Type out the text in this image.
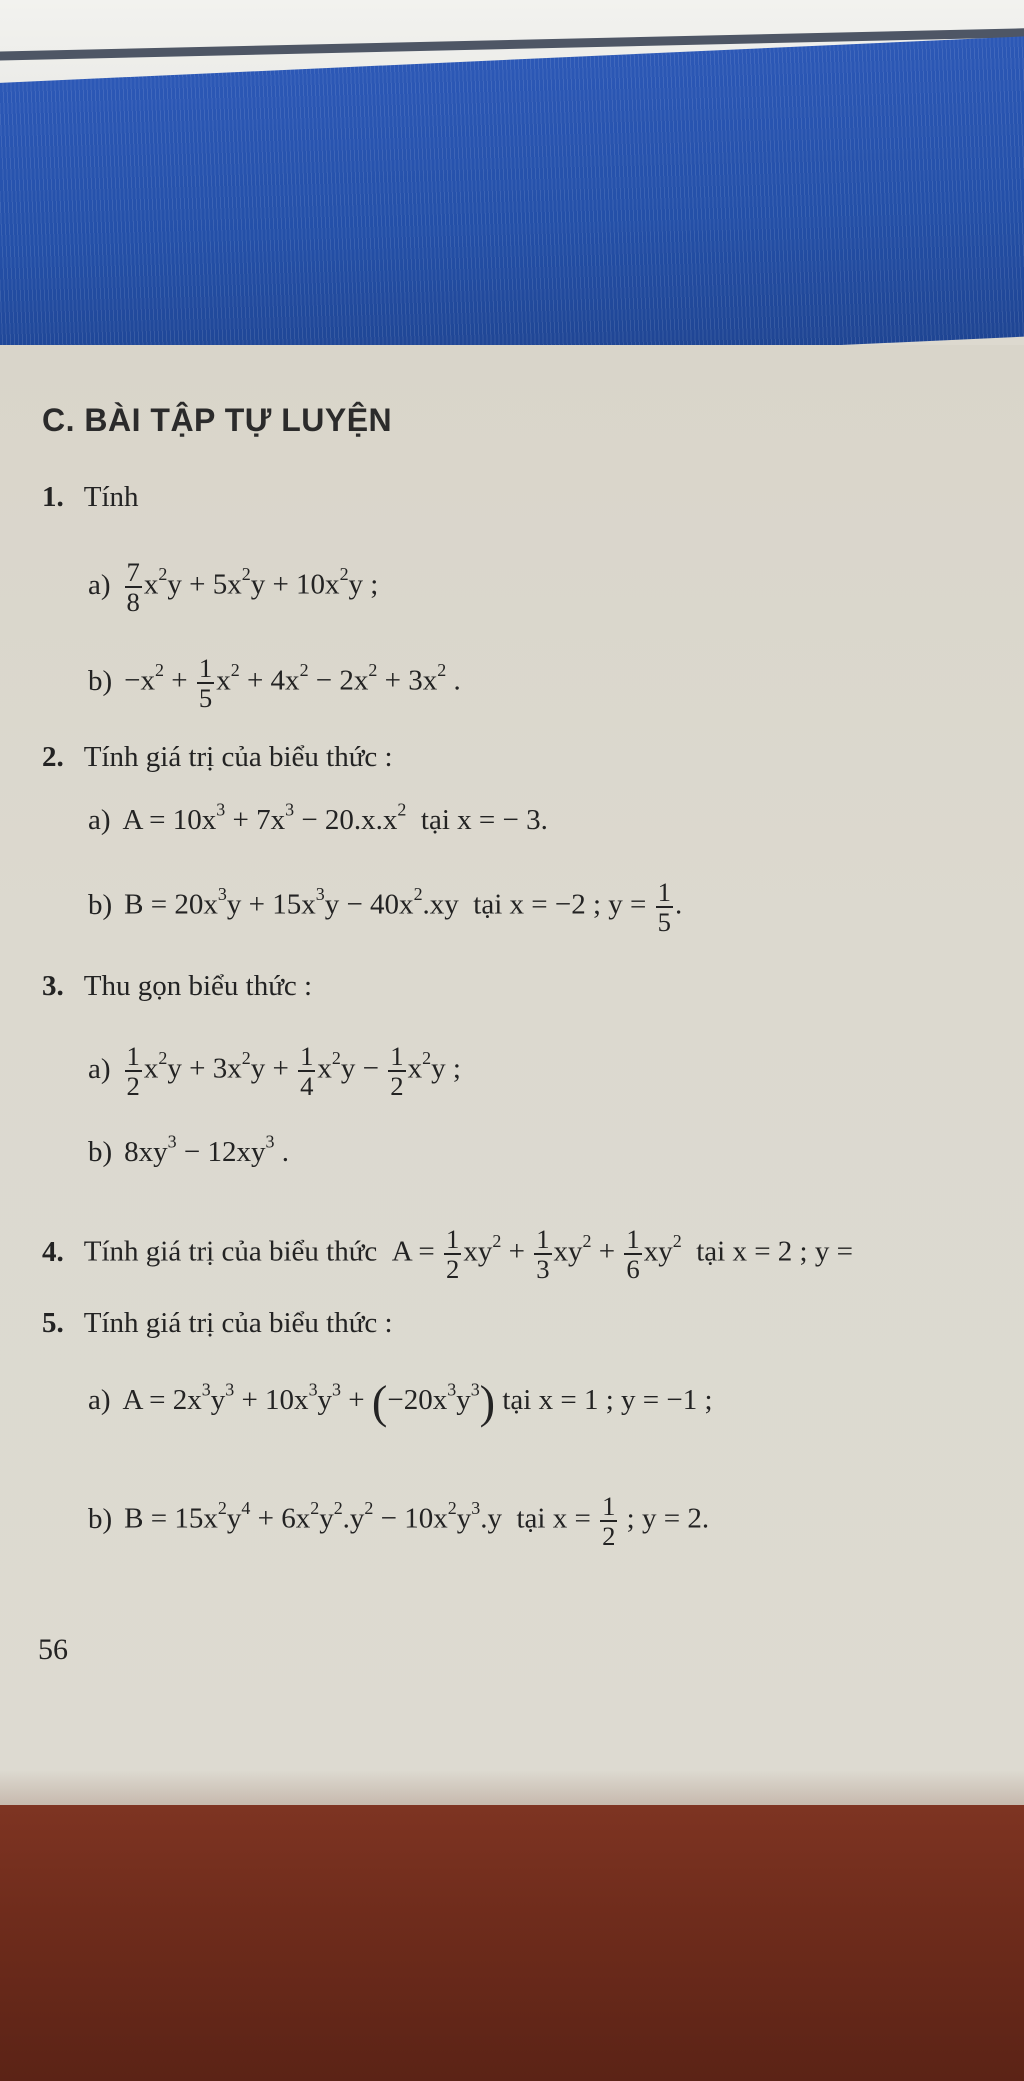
C. BÀI TẬP TỰ LUYỆN
1. Tính
$a) \frac{7}{8} x^2y + 5x^2y + 10x^2y$ ;
$b) -x^2 + \frac{1}{5} x^2 + 4x^2 - 2x^2 + 3x^2$ .
2. Tính giá trị của biểu thức :
a) $A = 10x^3 + 7x^3 - 20.x.x^2$  tại x = − 3.
b) $B = 20x^3y + 15x^3y - 40x^2.xy$  tại x = −2 ; $y = \frac{1}{5}$ .
3. Thu gọn biểu thức :
$a) \frac{1}{2} x^2y + 3x^2y + \frac{1}{4} x^2y - \frac{1}{2} x^2y$ ;
b) $8xy^3 - 12xy^3$ .
4. Tính giá trị của biểu thức  $A = \frac{1}{2} xy^2 + \frac{1}{3} xy^2 + \frac{1}{6} xy^2$  tại x = 2 ; y =
5. Tính giá trị của biểu thức :
a) $A = 2x^3y^3 + 10x^3y^3 + (-20x^3y^3)$ tại x = 1 ; y = −1 ;
b) $B = 15x^2y^4 + 6x^2y^2.y^2 - 10x^2y^3.y$  tại $x = \frac{1}{2}$ ; y = 2.
56
